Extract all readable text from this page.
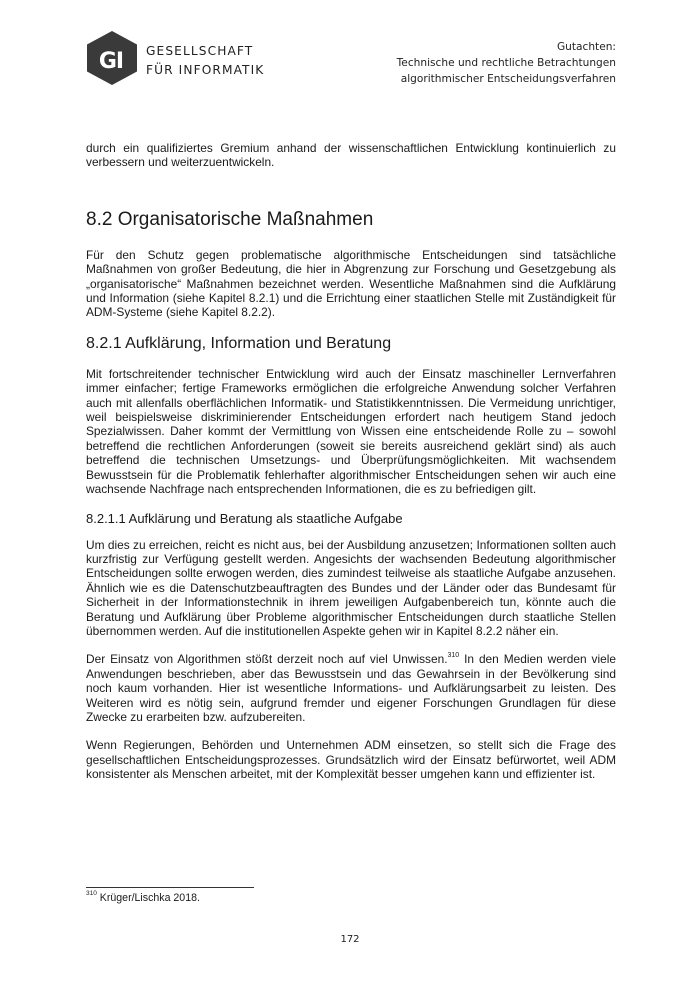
GI GESELLSCHAFT
FÜR INFORMATIK
Gutachten:
Technische und rechtliche Betrachtungen
algorithmischer Entscheidungsverfahren

durch ein qualifiziertes Gremium anhand der wissenschaftlichen Entwicklung kontinuierlich zu verbessern und weiterzuentwickeln.

8.2 Organisatorische Maßnahmen

Für den Schutz gegen problematische algorithmische Entscheidungen sind tatsächliche Maßnahmen von großer Bedeutung, die hier in Abgrenzung zur Forschung und Gesetzgebung als „organisatorische“ Maßnahmen bezeichnet werden. Wesentliche Maßnahmen sind die Aufklärung und Information (siehe Kapitel 8.2.1) und die Errichtung einer staatlichen Stelle mit Zuständigkeit für ADM-Systeme (siehe Kapitel 8.2.2).

8.2.1 Aufklärung, Information und Beratung

Mit fortschreitender technischer Entwicklung wird auch der Einsatz maschineller Lernverfahren immer einfacher; fertige Frameworks ermöglichen die erfolgreiche Anwendung solcher Verfahren auch mit allenfalls oberflächlichen Informatik- und Statistikkenntnissen. Die Vermeidung unrichtiger, weil beispielsweise diskriminierender Entscheidungen erfordert nach heutigem Stand jedoch Spezialwissen. Daher kommt der Vermittlung von Wissen eine entscheidende Rolle zu – sowohl betreffend die rechtlichen Anforderungen (soweit sie bereits ausreichend geklärt sind) als auch betreffend die technischen Umsetzungs- und Überprüfungsmöglichkeiten. Mit wachsendem Bewusstsein für die Problematik fehlerhafter algorithmischer Entscheidungen sehen wir auch eine wachsende Nachfrage nach entsprechenden Informationen, die es zu befriedigen gilt.

8.2.1.1 Aufklärung und Beratung als staatliche Aufgabe

Um dies zu erreichen, reicht es nicht aus, bei der Ausbildung anzusetzen; Informationen sollten auch kurzfristig zur Verfügung gestellt werden. Angesichts der wachsenden Bedeutung algorithmischer Entscheidungen sollte erwogen werden, dies zumindest teilweise als staatliche Aufgabe anzusehen. Ähnlich wie es die Datenschutzbeauftragten des Bundes und der Länder oder das Bundesamt für Sicherheit in der Informationstechnik in ihrem jeweiligen Aufgabenbereich tun, könnte auch die Beratung und Aufklärung über Probleme algorithmischer Entscheidungen durch staatliche Stellen übernommen werden. Auf die institutionellen Aspekte gehen wir in Kapitel 8.2.2 näher ein.

Der Einsatz von Algorithmen stößt derzeit noch auf viel Unwissen.$^{310}$ In den Medien werden viele Anwendungen beschrieben, aber das Bewusstsein und das Gewahrsein in der Bevölkerung sind noch kaum vorhanden. Hier ist wesentliche Informations- und Aufklärungsarbeit zu leisten. Des Weiteren wird es nötig sein, aufgrund fremder und eigener Forschungen Grundlagen für diese Zwecke zu erarbeiten bzw. aufzubereiten.

Wenn Regierungen, Behörden und Unternehmen ADM einsetzen, so stellt sich die Frage des gesellschaftlichen Entscheidungsprozesses. Grundsätzlich wird der Einsatz befürwortet, weil ADM konsistenter als Menschen arbeitet, mit der Komplexität besser umgehen kann und effizienter ist.

$^{310}$ Krüger/Lischka 2018.
172
